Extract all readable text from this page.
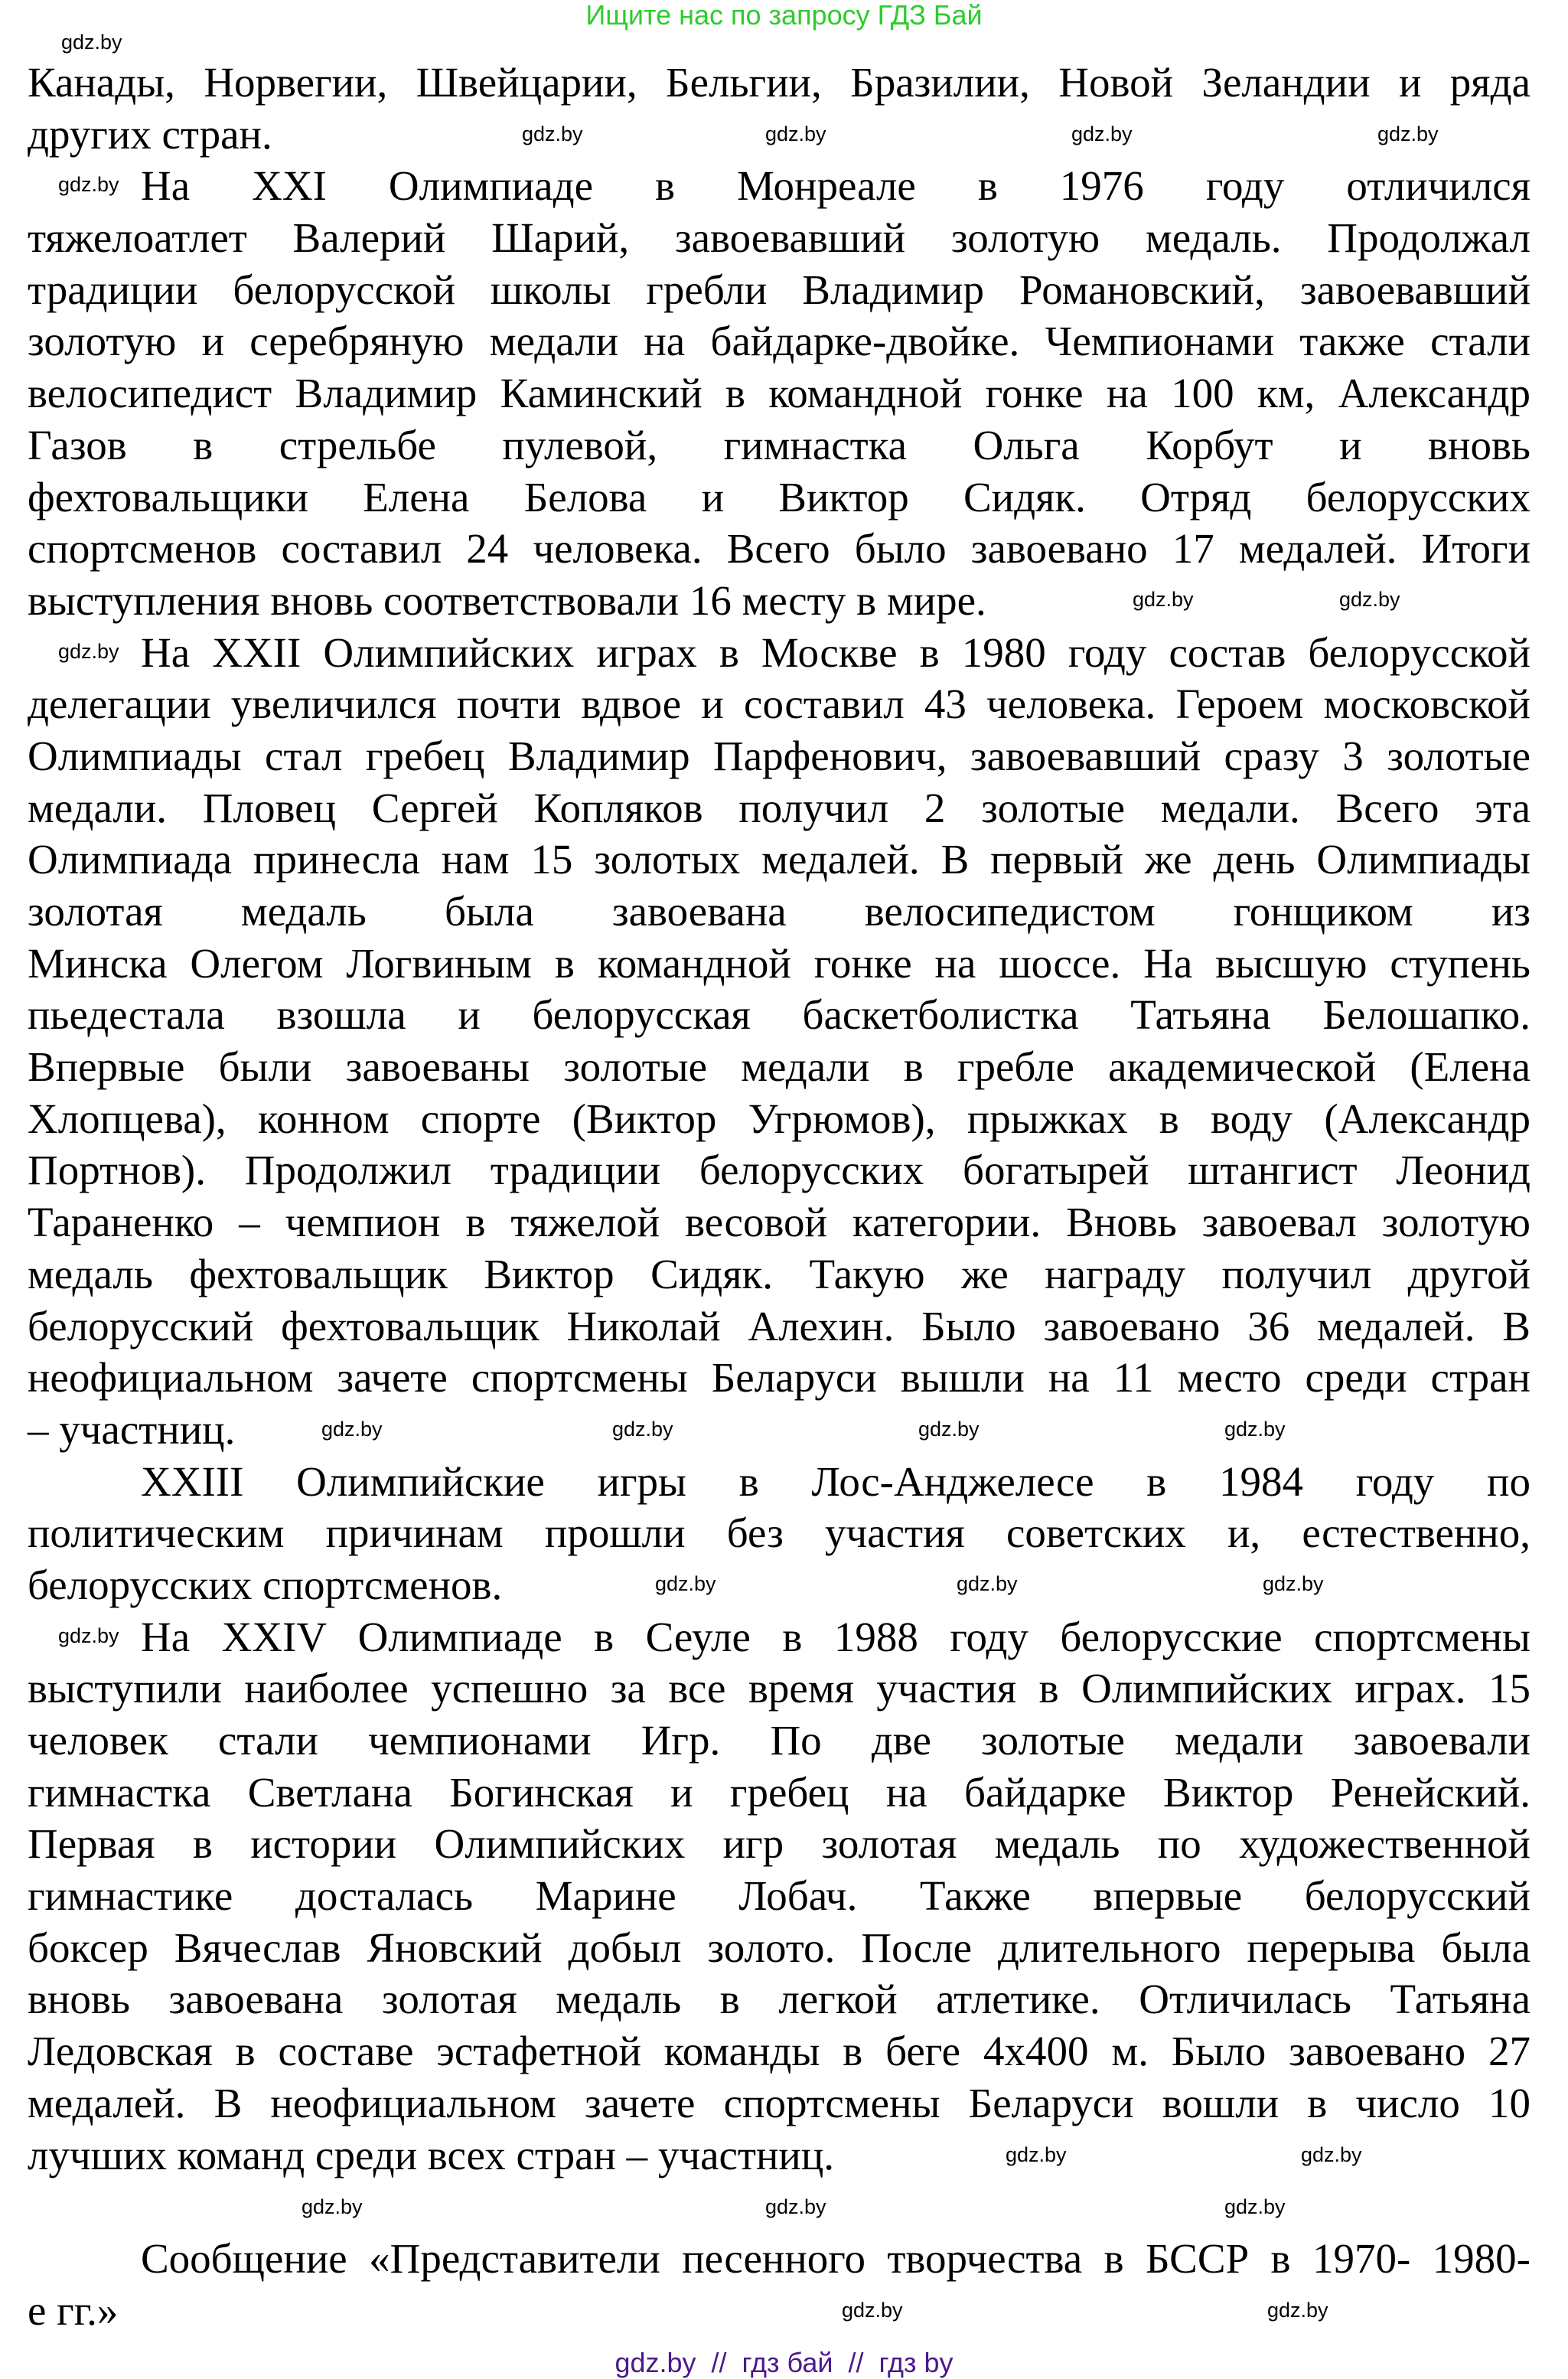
Ищите нас по запросу ГДЗ Бай
Канады, Норвегии, Швейцарии, Бельгии, Бразилии, Новой Зеландии и ряда
других стран.
На XXI Олимпиаде в Монреале в 1976 году отличился
тяжелоатлет Валерий Шарий, завоевавший золотую медаль. Продолжал
традиции белорусской школы гребли Владимир Романовский, завоевавший
золотую и серебряную медали на байдарке-двойке. Чемпионами также стали
велосипедист Владимир Каминский в командной гонке на 100 км, Александр
Газов в стрельбе пулевой, гимнастка Ольга Корбут и вновь
фехтовальщики Елена Белова и Виктор Сидяк. Отряд белорусских
спортсменов составил 24 человека. Всего было завоевано 17 медалей. Итоги
выступления вновь соответствовали 16 месту в мире.
На XXII Олимпийских играх в Москве в 1980 году состав белорусской
делегации увеличился почти вдвое и составил 43 человека. Героем московской
Олимпиады стал гребец Владимир Парфенович, завоевавший сразу 3 золотые
медали. Пловец Сергей Копляков получил 2 золотые медали. Всего эта
Олимпиада принесла нам 15 золотых медалей. В первый же день Олимпиады
золотая медаль была завоевана велосипедистом гонщиком из
Минска Олегом Логвиным в командной гонке на шоссе. На высшую ступень
пьедестала взошла и белорусская баскетболистка Татьяна Белошапко.
Впервые были завоеваны золотые медали в гребле академической (Елена
Хлопцева), конном спорте (Виктор Угрюмов), прыжках в воду (Александр
Портнов). Продолжил традиции белорусских богатырей штангист Леонид
Тараненко – чемпион в тяжелой весовой категории. Вновь завоевал золотую
медаль фехтовальщик Виктор Сидяк. Такую же награду получил другой
белорусский фехтовальщик Николай Алехин. Было завоевано 36 медалей. В
неофициальном зачете спортсмены Беларуси вышли на 11 место среди стран
– участниц.
XXIII Олимпийские игры в Лос-Анджелесе в 1984 году по
политическим причинам прошли без участия советских и, естественно,
белорусских спортсменов.
На XXIV Олимпиаде в Сеуле в 1988 году белорусские спортсмены
выступили наиболее успешно за все время участия в Олимпийских играх. 15
человек стали чемпионами Игр. По две золотые медали завоевали
гимнастка Светлана Богинская и гребец на байдарке Виктор Ренейский.
Первая в истории Олимпийских игр золотая медаль по художественной
гимнастике досталась Марине Лобач. Также впервые белорусский
боксер Вячеслав Яновский добыл золото. После длительного перерыва была
вновь завоевана золотая медаль в легкой атлетике. Отличилась Татьяна
Ледовская в составе эстафетной команды в беге 4х400 м. Было завоевано 27
медалей. В неофициальном зачете спортсмены Беларуси вошли в число 10
лучших команд среди всех стран – участниц.
Сообщение «Представители песенного творчества в БССР в 1970- 1980-
е гг.»
gdz.by
gdz.by	gdz.by	gdz.by	gdz.by
gdz.by
gdz.by	gdz.by
gdz.by
gdz.by	gdz.by	gdz.by	gdz.by
gdz.by	gdz.by	gdz.by
gdz.by
gdz.by	gdz.by
gdz.by	gdz.by	gdz.by
gdz.by	gdz.by
gdz.by  //  гдз бай  //  гдз by
